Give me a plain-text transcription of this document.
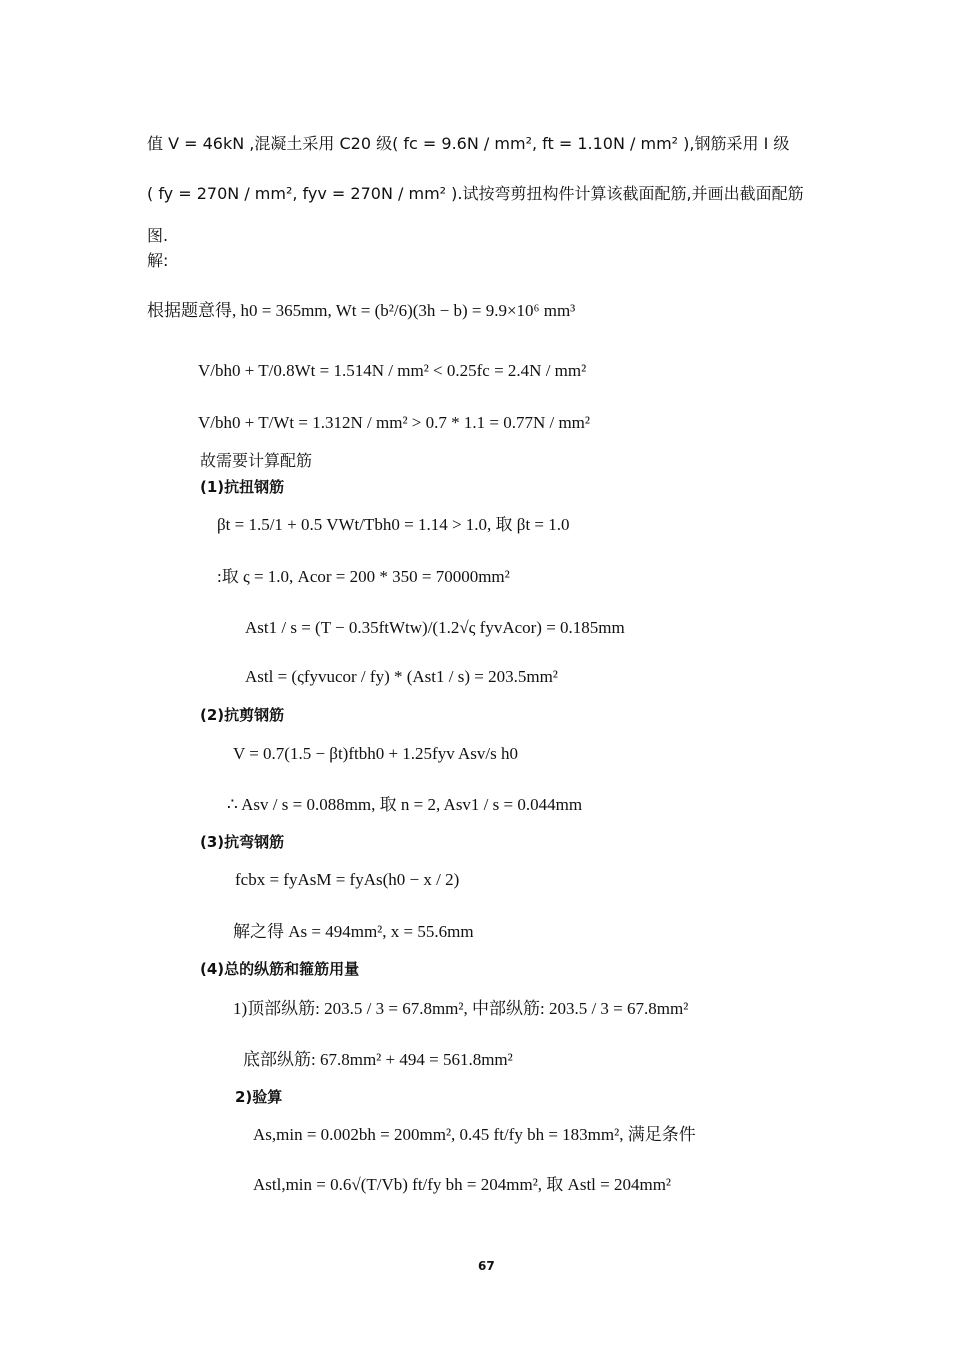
值 V = 46kN ,混凝土采用 C20 级( fc = 9.6N / mm², ft = 1.10N / mm² ),钢筋采用 I 级
( fy = 270N / mm², fyv = 270N / mm² ).试按弯剪扭构件计算该截面配筋,并画出截面配筋
图.
解:
根据题意得, h0 = 365mm, Wt = (b²/6)(3h − b) = 9.9×10⁶ mm³
V/bh0 + T/0.8Wt = 1.514N / mm² < 0.25fc = 2.4N / mm²
V/bh0 + T/Wt = 1.312N / mm² > 0.7 * 1.1 = 0.77N / mm²
故需要计算配筋
(1)抗扭钢筋
βt = 1.5/1 + 0.5 VWt/Tbh0 = 1.14 > 1.0, 取 βt = 1.0
:取 ς = 1.0, Acor = 200 * 350 = 70000mm²
Ast1 / s = (T − 0.35ftWtw)/(1.2√ς fyvAcor) = 0.185mm
Astl = (ςfyvucor / fy) * (Ast1 / s) = 203.5mm²
(2)抗剪钢筋
V = 0.7(1.5 − βt)ftbh0 + 1.25fyv Asv/s h0
∴ Asv / s = 0.088mm, 取 n = 2, Asv1 / s = 0.044mm
(3)抗弯钢筋
fcbx = fyAsM = fyAs(h0 − x / 2)
解之得 As = 494mm², x = 55.6mm
(4)总的纵筋和箍筋用量
1)顶部纵筋: 203.5 / 3 = 67.8mm², 中部纵筋: 203.5 / 3 = 67.8mm²
底部纵筋: 67.8mm² + 494 = 561.8mm²
2)验算
As,min = 0.002bh = 200mm², 0.45 ft/fy bh = 183mm², 满足条件
Astl,min = 0.6√(T/Vb) ft/fy bh = 204mm², 取 Astl = 204mm²
67
